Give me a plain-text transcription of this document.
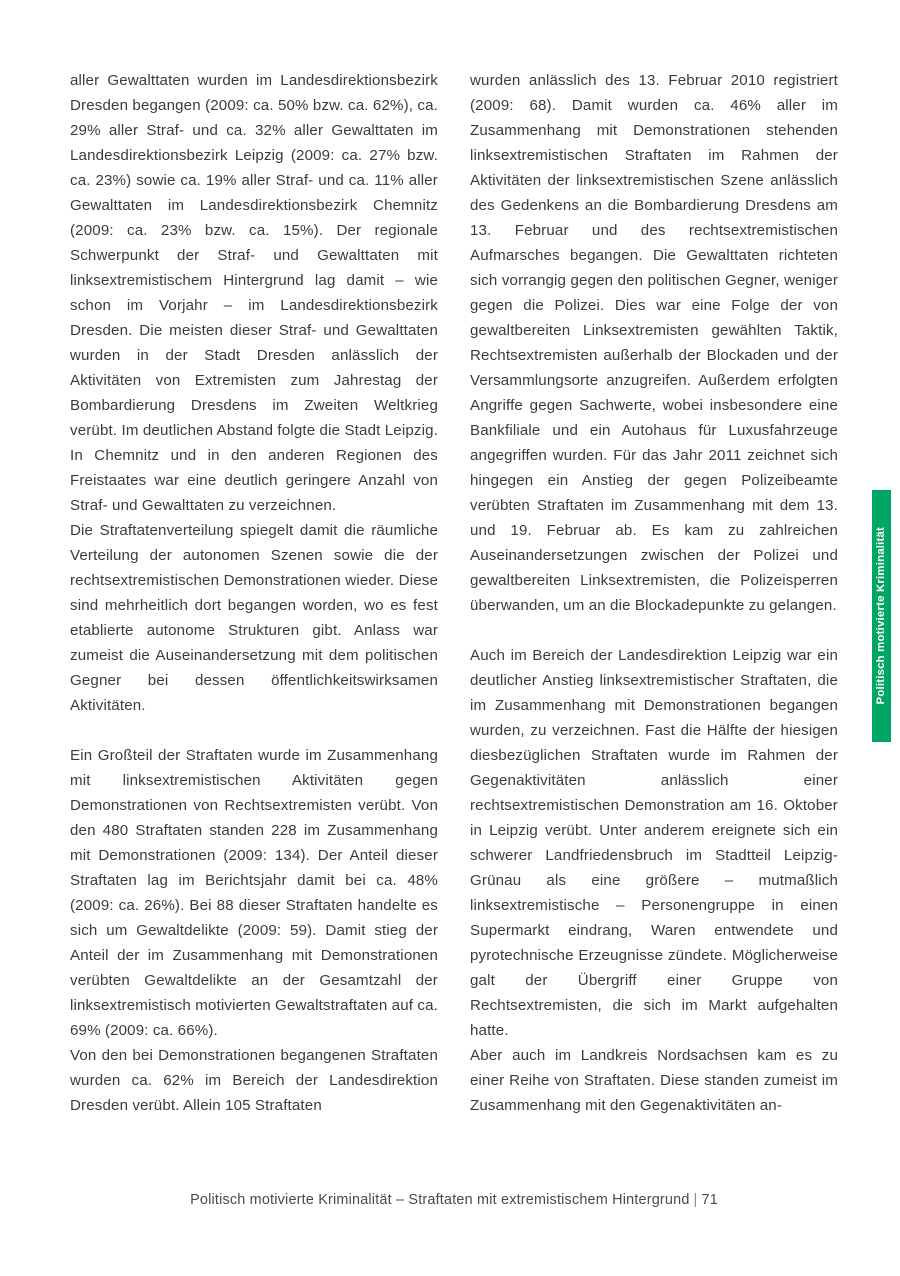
aller Gewalttaten wurden im Landesdirektionsbezirk Dresden begangen (2009: ca. 50% bzw. ca. 62%), ca. 29% aller Straf- und ca. 32% aller Gewalttaten im Landesdirektionsbezirk Leipzig (2009: ca. 27% bzw. ca. 23%) sowie ca. 19% aller Straf- und ca. 11% aller Gewalttaten im Landesdirektionsbezirk Chemnitz (2009: ca. 23% bzw. ca. 15%). Der regionale Schwerpunkt der Straf- und Gewalttaten mit linksextremistischem Hintergrund lag damit – wie schon im Vorjahr – im Landesdirektionsbezirk Dresden. Die meisten dieser Straf- und Gewalttaten wurden in der Stadt Dresden anlässlich der Aktivitäten von Extremisten zum Jahrestag der Bombardierung Dresdens im Zweiten Weltkrieg verübt. Im deutlichen Abstand folgte die Stadt Leipzig. In Chemnitz und in den anderen Regionen des Freistaates war eine deutlich geringere Anzahl von Straf- und Gewalttaten zu verzeichnen.

Die Straftatenverteilung spiegelt damit die räumliche Verteilung der autonomen Szenen sowie die der rechtsextremistischen Demonstrationen wieder. Diese sind mehrheitlich dort begangen worden, wo es fest etablierte autonome Strukturen gibt. Anlass war zumeist die Auseinandersetzung mit dem politischen Gegner bei dessen öffentlichkeitswirksamen Aktivitäten.

Ein Großteil der Straftaten wurde im Zusammenhang mit linksextremistischen Aktivitäten gegen Demonstrationen von Rechtsextremisten verübt. Von den 480 Straftaten standen 228 im Zusammenhang mit Demonstrationen (2009: 134). Der Anteil dieser Straftaten lag im Berichtsjahr damit bei ca. 48% (2009: ca. 26%). Bei 88 dieser Straftaten handelte es sich um Gewaltdelikte (2009: 59). Damit stieg der Anteil der im Zusammenhang mit Demonstrationen verübten Gewaltdelikte an der Gesamtzahl der linksextremistisch motivierten Gewaltstraftaten auf ca. 69% (2009: ca. 66%).

Von den bei Demonstrationen begangenen Straftaten wurden ca. 62% im Bereich der Landesdirektion Dresden verübt. Allein 105 Straftaten

wurden anlässlich des 13. Februar 2010 registriert (2009: 68). Damit wurden ca. 46% aller im Zusammenhang mit Demonstrationen stehenden linksextremistischen Straftaten im Rahmen der Aktivitäten der linksextremistischen Szene anlässlich des Gedenkens an die Bombardierung Dresdens am 13. Februar und des rechtsextremistischen Aufmarsches begangen. Die Gewalttaten richteten sich vorrangig gegen den politischen Gegner, weniger gegen die Polizei. Dies war eine Folge der von gewaltbereiten Linksextremisten gewählten Taktik, Rechtsextremisten außerhalb der Blockaden und der Versammlungsorte anzugreifen. Außerdem erfolgten Angriffe gegen Sachwerte, wobei insbesondere eine Bankfiliale und ein Autohaus für Luxusfahrzeuge angegriffen wurden. Für das Jahr 2011 zeichnet sich hingegen ein Anstieg der gegen Polizeibeamte verübten Straftaten im Zusammenhang mit dem 13. und 19. Februar ab. Es kam zu zahlreichen Auseinandersetzungen zwischen der Polizei und gewaltbereiten Linksextremisten, die Polizeisperren überwanden, um an die Blockadepunkte zu gelangen.

Auch im Bereich der Landesdirektion Leipzig war ein deutlicher Anstieg linksextremistischer Straftaten, die im Zusammenhang mit Demonstrationen begangen wurden, zu verzeichnen. Fast die Hälfte der hiesigen diesbezüglichen Straftaten wurde im Rahmen der Gegenaktivitäten anlässlich einer rechtsextremistischen Demonstration am 16. Oktober in Leipzig verübt. Unter anderem ereignete sich ein schwerer Landfriedensbruch im Stadtteil Leipzig-Grünau als eine größere – mutmaßlich linksextremistische – Personengruppe in einen Supermarkt eindrang, Waren entwendete und pyrotechnische Erzeugnisse zündete. Möglicherweise galt der Übergriff einer Gruppe von Rechtsextremisten, die sich im Markt aufgehalten hatte.

Aber auch im Landkreis Nordsachsen kam es zu einer Reihe von Straftaten. Diese standen zumeist im Zusammenhang mit den Gegenaktivitäten an-

Politisch motivierte Kriminalität
Politisch motivierte Kriminalität – Straftaten mit extremistischem Hintergrund | 71
